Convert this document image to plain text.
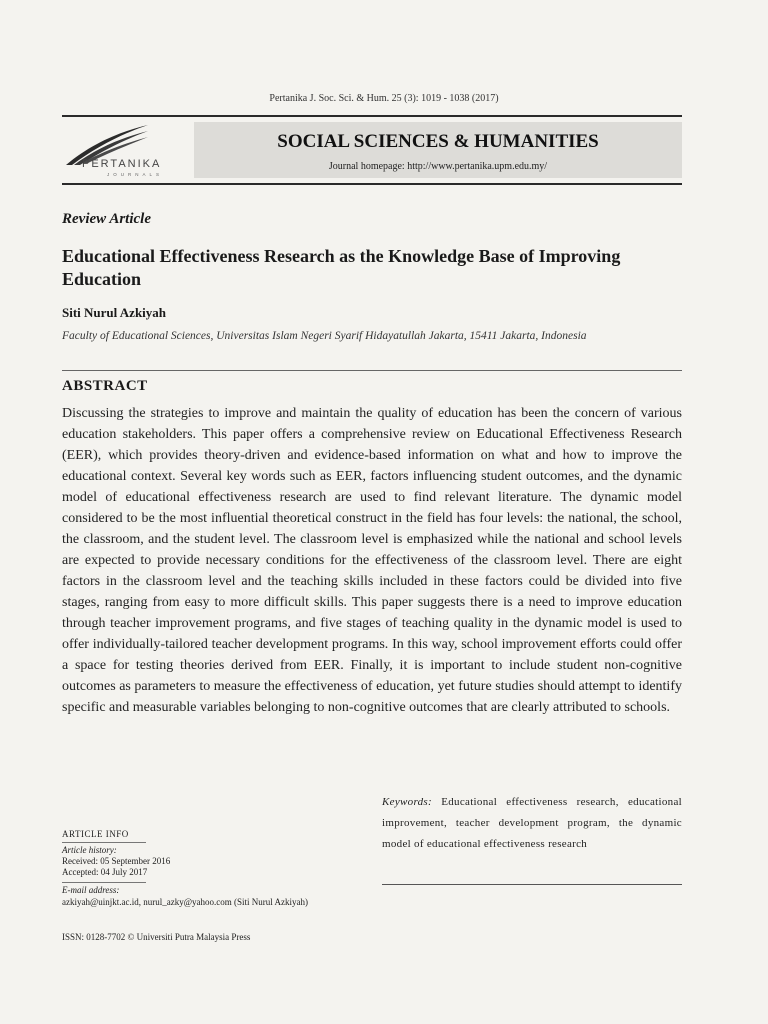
Pertanika J. Soc. Sci. & Hum. 25 (3): 1019 - 1038 (2017)
PERTANIKA
JOURNALS
SOCIAL SCIENCES & HUMANITIES
Journal homepage: http://www.pertanika.upm.edu.my/
Review Article
Educational Effectiveness Research as the Knowledge Base of Improving Education
Siti Nurul Azkiyah
Faculty of Educational Sciences, Universitas Islam Negeri Syarif Hidayatullah Jakarta, 15411 Jakarta, Indonesia
ABSTRACT
Discussing the strategies to improve and maintain the quality of education has been the concern of various education stakeholders. This paper offers a comprehensive review on Educational Effectiveness Research (EER), which provides theory-driven and evidence-based information on what and how to improve the educational context. Several key words such as EER, factors influencing student outcomes, and the dynamic model of educational effectiveness research are used to find relevant literature. The dynamic model considered to be the most influential theoretical construct in the field has four levels: the national, the school, the classroom, and the student level. The classroom level is emphasized while the national and school levels are expected to provide necessary conditions for the effectiveness of the classroom level. There are eight factors in the classroom level and the teaching skills included in these factors could be divided into five stages, ranging from easy to more difficult skills. This paper suggests there is a need to improve education through teacher improvement programs, and five stages of teaching quality in the dynamic model is used to offer individually-tailored teacher development programs. In this way, school improvement efforts could offer a space for testing theories derived from EER. Finally, it is important to include student non-cognitive outcomes as parameters to measure the effectiveness of education, yet future studies should attempt to identify specific and measurable variables belonging to non-cognitive outcomes that are clearly attributed to schools.
Keywords: Educational effectiveness research, educational improvement, teacher development program, the dynamic model of educational effectiveness research
ARTICLE INFO
Article history:
Received: 05 September 2016
Accepted: 04 July 2017
E-mail address:
azkiyah@uinjkt.ac.id, nurul_azky@yahoo.com (Siti Nurul Azkiyah)
ISSN: 0128-7702 © Universiti Putra Malaysia Press
